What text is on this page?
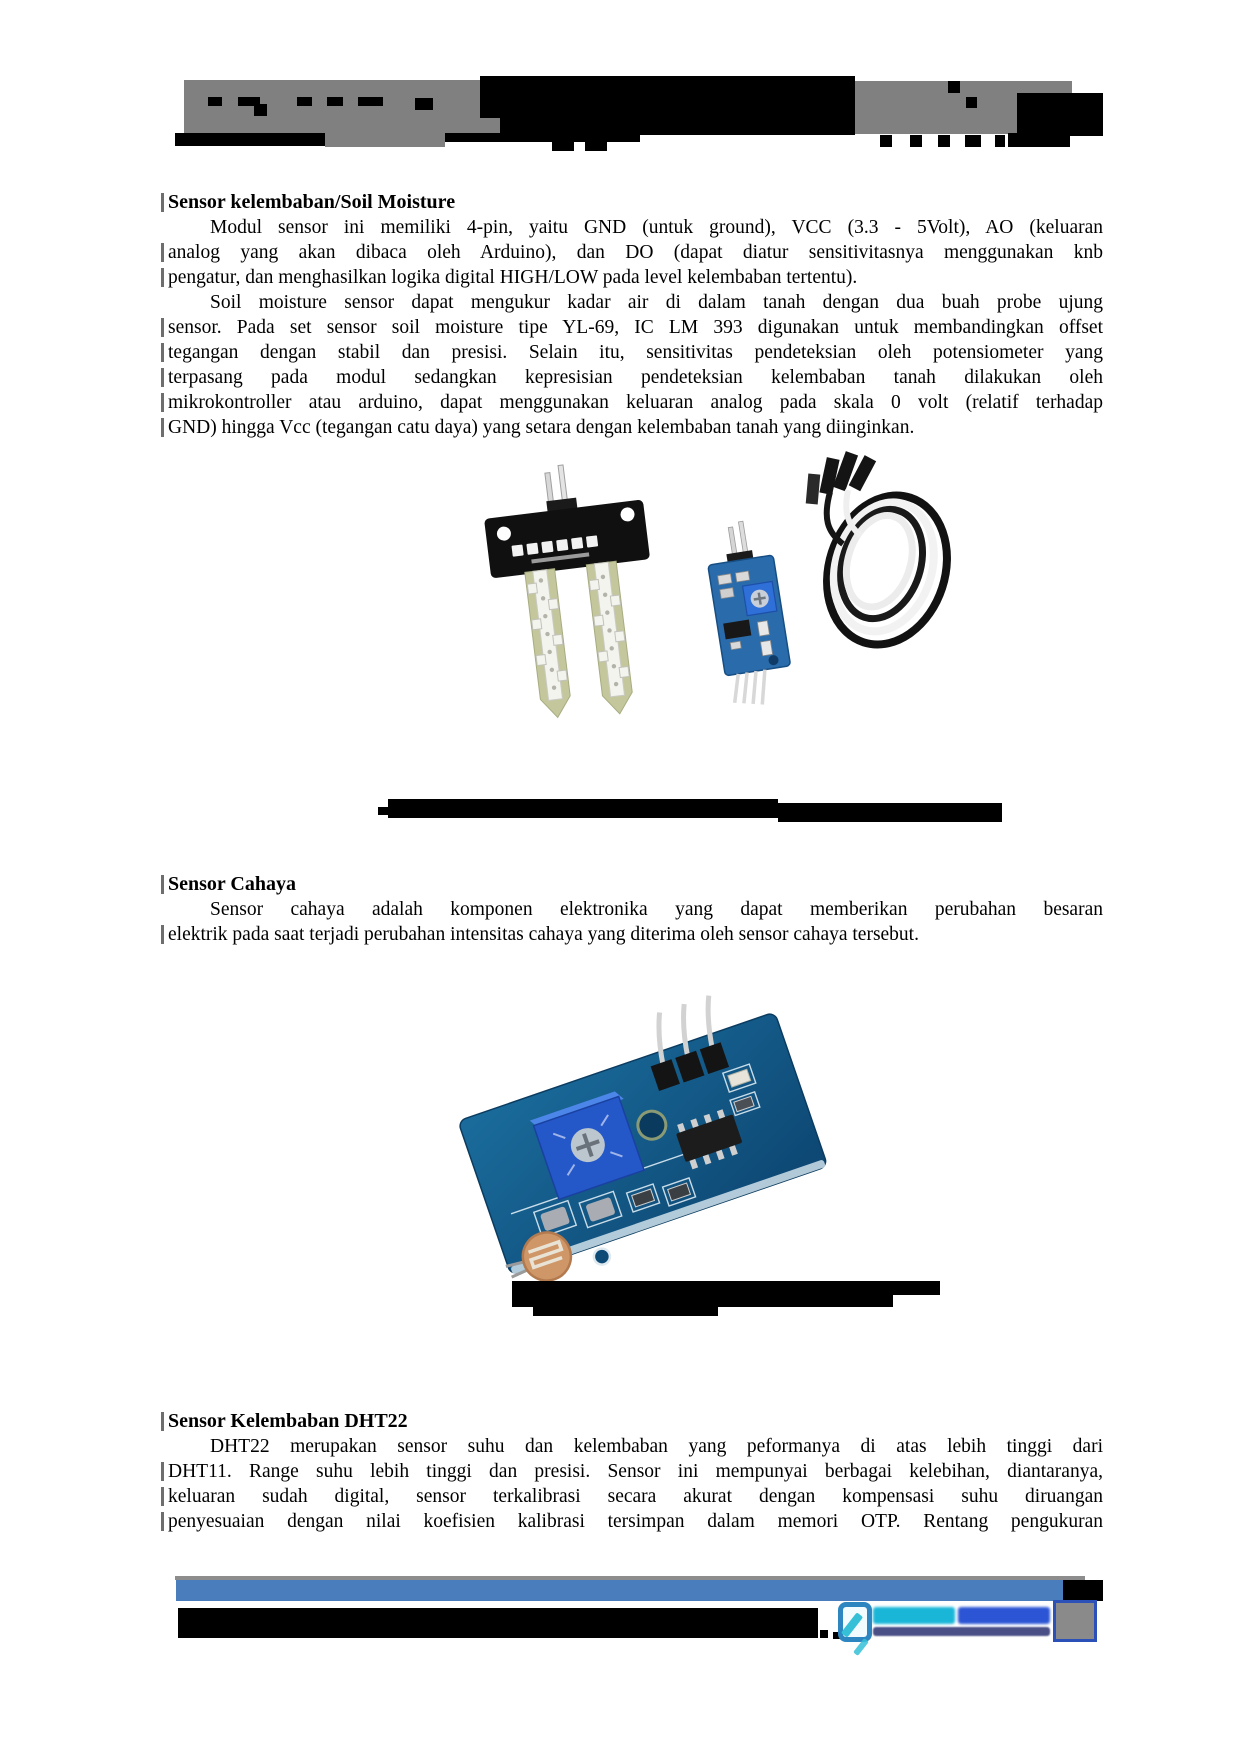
Sensor kelembaban/Soil Moisture
Modul sensor ini memiliki 4-pin, yaitu GND (untuk ground), VCC (3.3 - 5Volt), AO (keluaran
analog yang akan dibaca oleh Arduino), dan DO (dapat diatur sensitivitasnya menggunakan knb
pengatur, dan menghasilkan logika digital HIGH/LOW pada level kelembaban tertentu).
Soil moisture sensor dapat mengukur kadar air di dalam tanah dengan dua buah probe ujung
sensor. Pada set sensor soil moisture tipe YL-69, IC LM 393 digunakan untuk membandingkan offset
tegangan dengan stabil dan presisi. Selain itu, sensitivitas pendeteksian oleh potensiometer yang
terpasang pada modul sedangkan kepresisian pendeteksian kelembaban tanah dilakukan oleh
mikrokontroller atau arduino, dapat menggunakan keluaran analog pada skala 0 volt (relatif terhadap
GND) hingga Vcc (tegangan catu daya) yang setara dengan kelembaban tanah yang diinginkan.
Sensor Cahaya
Sensor cahaya adalah komponen elektronika yang dapat memberikan perubahan besaran
elektrik pada saat terjadi perubahan intensitas cahaya yang diterima oleh sensor cahaya tersebut.
Sensor Kelembaban DHT22
DHT22 merupakan sensor suhu dan kelembaban yang peformanya di atas lebih tinggi dari
DHT11. Range suhu lebih tinggi dan presisi. Sensor ini mempunyai berbagai kelebihan, diantaranya,
keluaran sudah digital, sensor terkalibrasi secara akurat dengan kompensasi suhu diruangan
penyesuaian dengan nilai koefisien kalibrasi tersimpan dalam memori OTP. Rentang pengukuran
